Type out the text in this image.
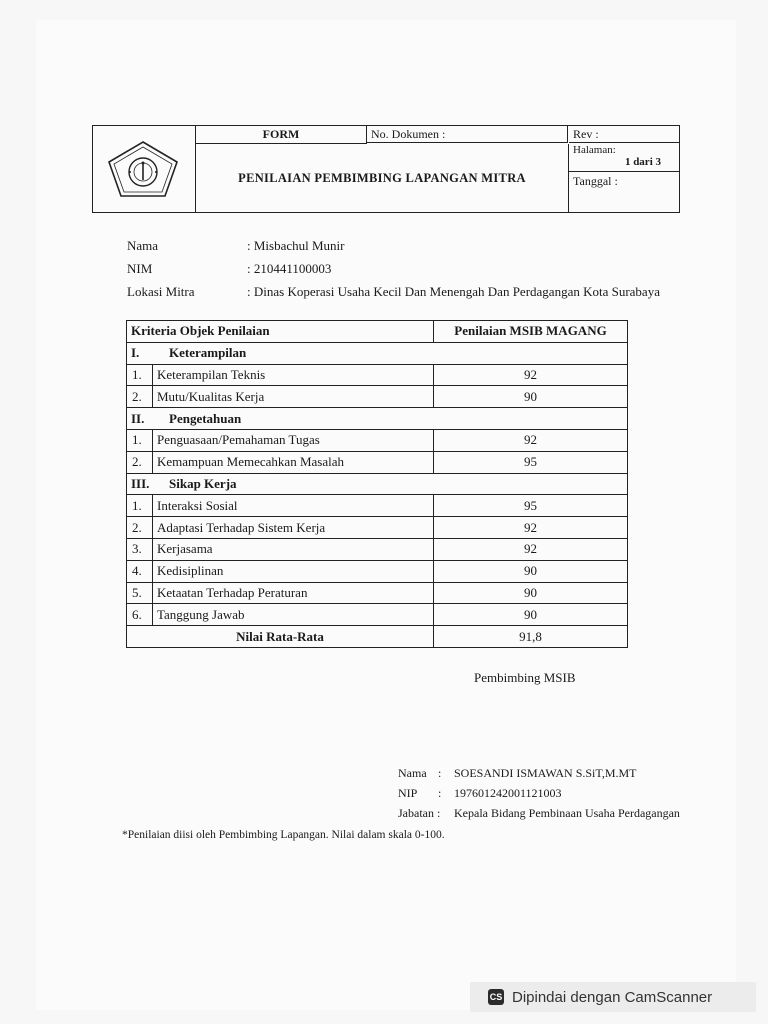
FORM	No. Dokumen :	Rev :
PENILAIAN PEMBIMBING LAPANGAN MITRA
Halaman:
1 dari 3
Tanggal :
Nama	: Misbachul Munir
NIM	: 210441100003
Lokasi Mitra	: Dinas Koperasi Usaha Kecil Dan Menengah Dan Perdagangan Kota Surabaya
Kriteria Objek Penilaian		Penilaian MSIB MAGANG
I. Keterampilan		
1.	Keterampilan Teknis	92
2.	Mutu/Kualitas Kerja	90
II. Pengetahuan		
1.	Penguasaan/Pemahaman Tugas	92
2.	Kemampuan Memecahkan Masalah	95
III. Sikap Kerja		
1.	Interaksi Sosial	95
2.	Adaptasi Terhadap Sistem Kerja	92
3.	Kerjasama	92
4.	Kedisiplinan	90
5.	Ketaatan Terhadap Peraturan	90
6.	Tanggung Jawab	90
Nilai Rata-Rata		91,8
Pembimbing MSIB
Nama : SOESANDI ISMAWAN S.SiT,M.MT
NIP : 197601242001121003
Jabatan : Kepala Bidang Pembinaan Usaha Perdagangan
*Penilaian diisi oleh Pembimbing Lapangan. Nilai dalam skala 0-100.
CS Dipindai dengan CamScanner
